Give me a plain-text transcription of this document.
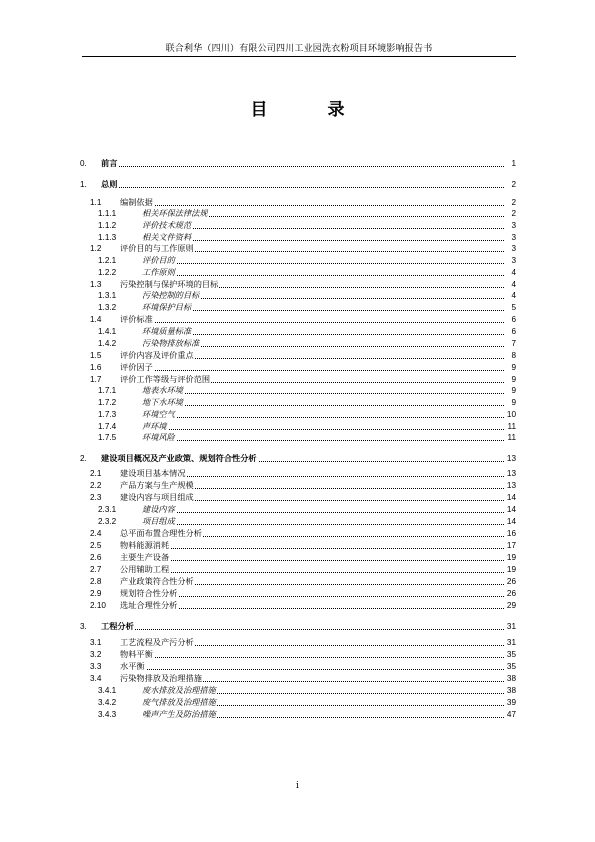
联合利华（四川）有限公司四川工业园洗衣粉项目环境影响报告书
目	录
0. 前言	1
1. 总则	2
1.1 编制依据	2
1.1.1	相关环保法律法规	2
1.1.2	评价技术规范	3
1.1.3	相关文件资料	3
1.2 评价目的与工作原则	3
1.2.1	评价目的	3
1.2.2	工作原则	4
1.3 污染控制与保护环境的目标	4
1.3.1	污染控制的目标	4
1.3.2	环境保护目标	5
1.4 评价标准	6
1.4.1	环境质量标准	6
1.4.2	污染物排放标准	7
1.5 评价内容及评价重点	8
1.6 评价因子	9
1.7 评价工作等级与评价范围	9
1.7.1	地表水环境	9
1.7.2	地下水环境	9
1.7.3	环境空气	10
1.7.4	声环境	11
1.7.5	环境风险	11
2. 建设项目概况及产业政策、规划符合性分析	13
2.1 建设项目基本情况	13
2.2 产品方案与生产规模	13
2.3 建设内容与项目组成	14
2.3.1	建设内容	14
2.3.2	项目组成	14
2.4 总平面布置合理性分析	16
2.5 物料能源消耗	17
2.6 主要生产设备	19
2.7 公用辅助工程	19
2.8 产业政策符合性分析	26
2.9 规划符合性分析	26
2.10 选址合理性分析	29
3. 工程分析	31
3.1 工艺流程及产污分析	31
3.2 物料平衡	35
3.3 水平衡	35
3.4 污染物排放及治理措施	38
3.4.1	废水排放及治理措施	38
3.4.2	废气排放及治理措施	39
3.4.3	噪声产生及防治措施	47
i
